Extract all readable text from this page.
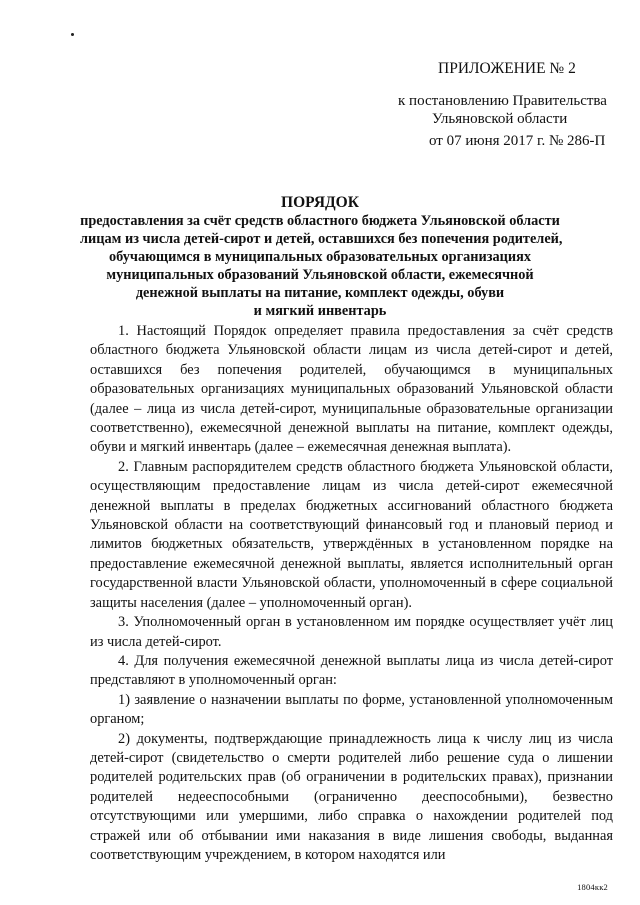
ПРИЛОЖЕНИЕ № 2
к постановлению Правительства
Ульяновской области
от 07 июня 2017 г. № 286-П
ПОРЯДОК
предоставления за счёт средств областного бюджета Ульяновской области
лицам из числа детей-сирот и детей, оставшихся без попечения родителей,
обучающимся в муниципальных образовательных организациях
муниципальных образований Ульяновской области, ежемесячной
денежной выплаты на питание, комплект одежды, обуви
и мягкий инвентарь

1. Настоящий Порядок определяет правила предоставления за счёт средств областного бюджета Ульяновской области лицам из числа детей-сирот и детей, оставшихся без попечения родителей, обучающимся в муниципальных образовательных организациях муниципальных образований Ульяновской области (далее – лица из числа детей-сирот, муниципальные образовательные организации соответственно), ежемесячной денежной выплаты на питание, комплект одежды, обуви и мягкий инвентарь (далее – ежемесячная денежная выплата).

2. Главным распорядителем средств областного бюджета Ульяновской области, осуществляющим предоставление лицам из числа детей-сирот ежемесячной денежной выплаты в пределах бюджетных ассигнований областного бюджета Ульяновской области на соответствующий финансовый год и плановый период и лимитов бюджетных обязательств, утверждённых в установленном порядке на предоставление ежемесячной денежной выплаты, является исполнительный орган государственной власти Ульяновской области, уполномоченный в сфере социальной защиты населения (далее – уполномоченный орган).

3. Уполномоченный орган в установленном им порядке осуществляет учёт лиц из числа детей-сирот.

4. Для получения ежемесячной денежной выплаты лица из числа детей-сирот представляют в уполномоченный орган:

1) заявление о назначении выплаты по форме, установленной уполномоченным органом;

2) документы, подтверждающие принадлежность лица к числу лиц из числа детей-сирот (свидетельство о смерти родителей либо решение суда о лишении родителей родительских прав (об ограничении в родительских правах), признании родителей недееспособными (ограниченно дееспособными), безвестно отсутствующими или умершими, либо справка о нахождении родителей под стражей или об отбывании ими наказания в виде лишения свободы, выданная соответствующим учреждением, в котором находятся или

1804кк2
